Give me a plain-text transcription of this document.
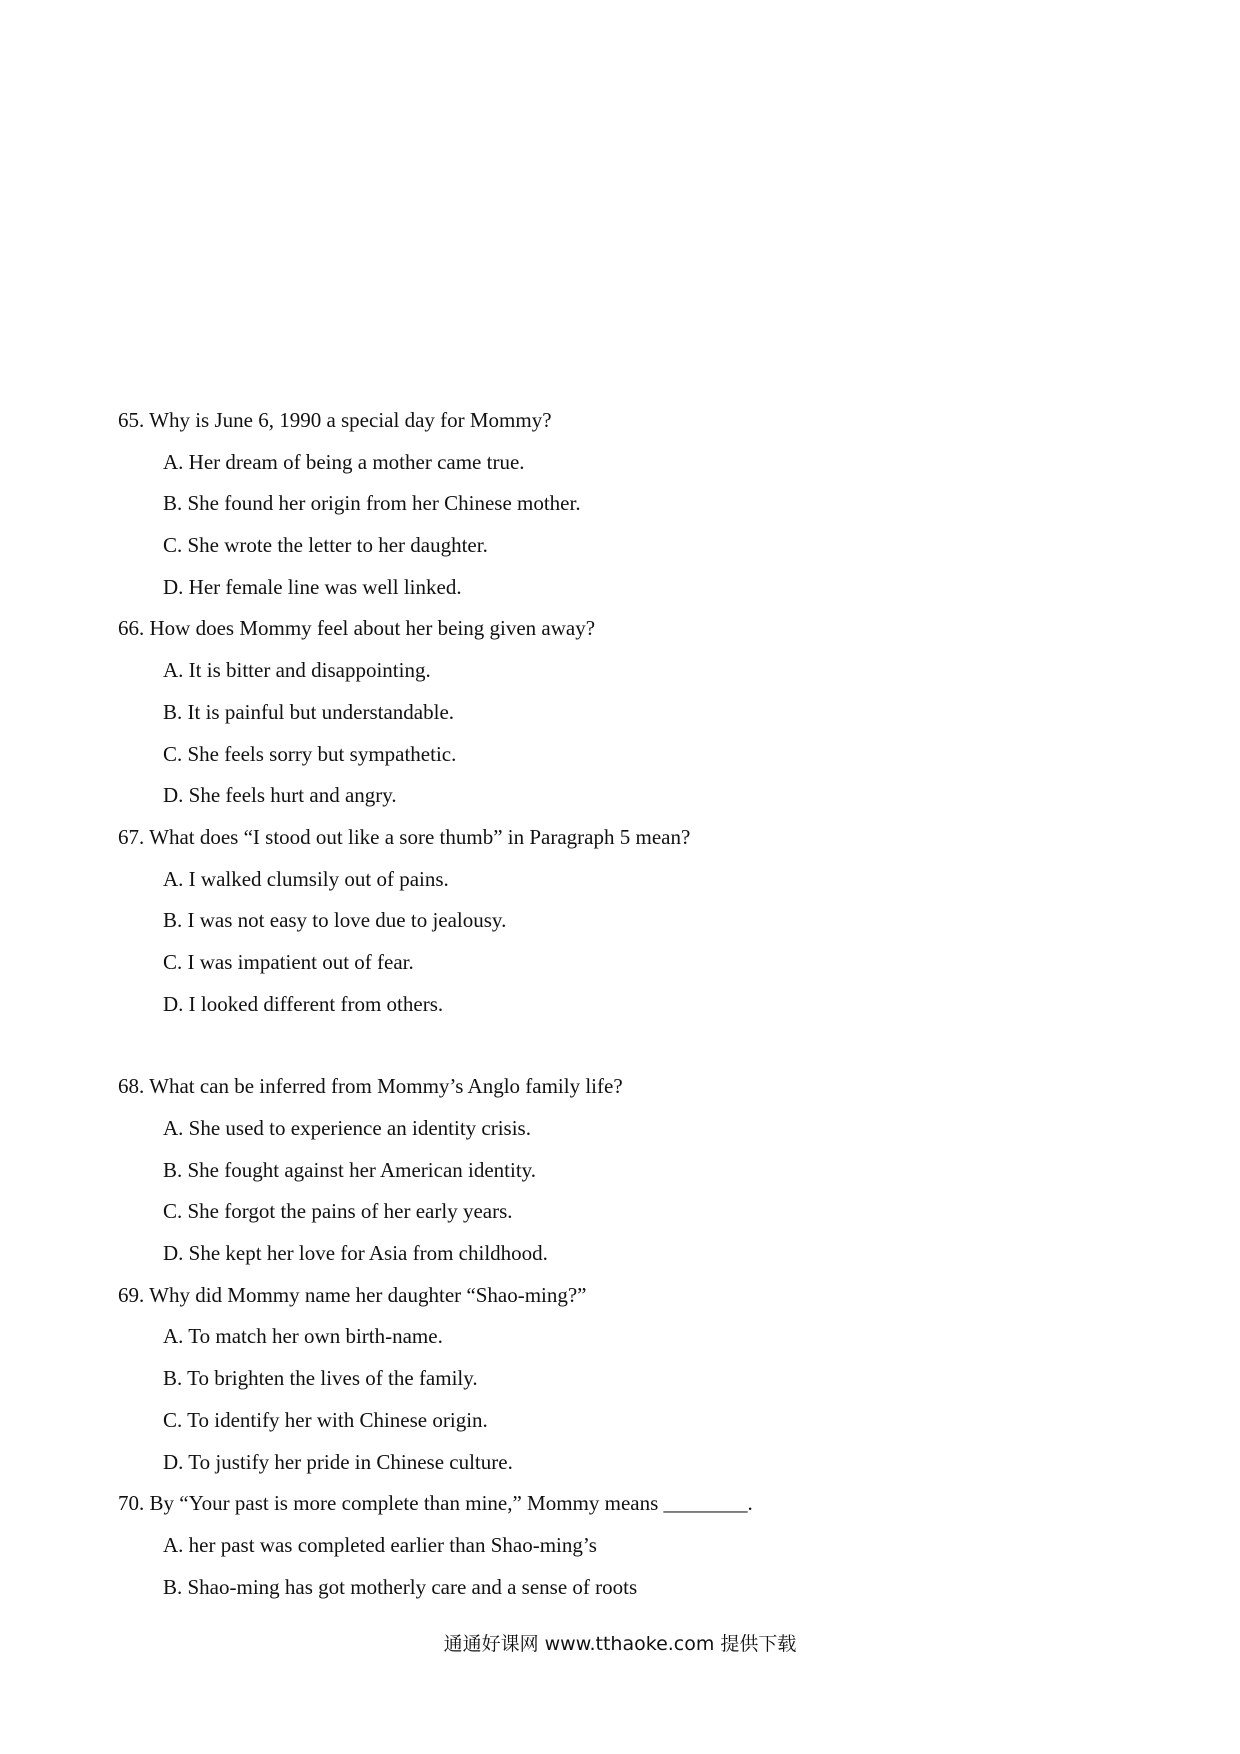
65. Why is June 6, 1990 a special day for Mommy?
A. Her dream of being a mother came true.
B. She found her origin from her Chinese mother.
C. She wrote the letter to her daughter.
D. Her female line was well linked.
66. How does Mommy feel about her being given away?
A. It is bitter and disappointing.
B. It is painful but understandable.
C. She feels sorry but sympathetic.
D. She feels hurt and angry.
67. What does “I stood out like a sore thumb” in Paragraph 5 mean?
A. I walked clumsily out of pains.
B. I was not easy to love due to jealousy.
C. I was impatient out of fear.
D. I looked different from others.
68. What can be inferred from Mommy’s Anglo family life?
A. She used to experience an identity crisis.
B. She fought against her American identity.
C. She forgot the pains of her early years.
D. She kept her love for Asia from childhood.
69. Why did Mommy name her daughter “Shao-ming?”
A. To match her own birth-name.
B. To brighten the lives of the family.
C. To identify her with Chinese origin.
D. To justify her pride in Chinese culture.
70. By “Your past is more complete than mine,” Mommy means ________.
A. her past was completed earlier than Shao-ming’s
B. Shao-ming has got motherly care and a sense of roots
通通好课网 www.tthaoke.com 提供下载
